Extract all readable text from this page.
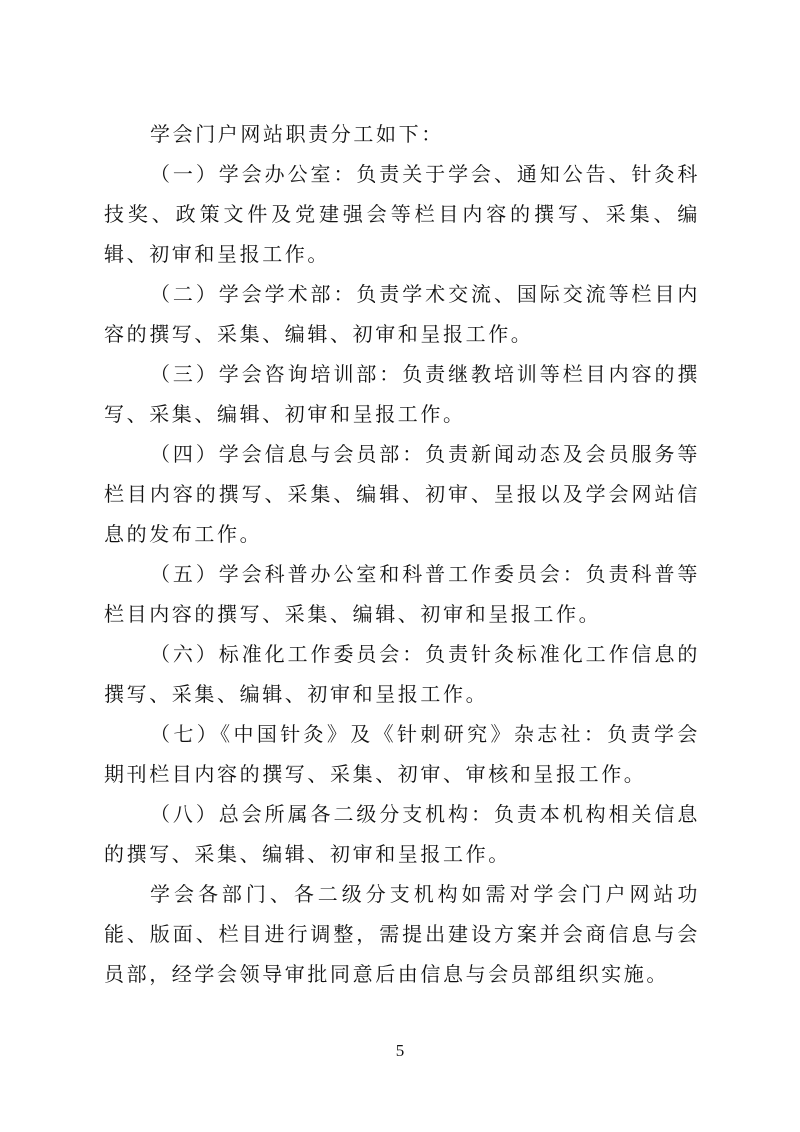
学会门户网站职责分工如下：

（一）学会办公室：负责关于学会、通知公告、针灸科技奖、政策文件及党建强会等栏目内容的撰写、采集、编辑、初审和呈报工作。

（二）学会学术部：负责学术交流、国际交流等栏目内容的撰写、采集、编辑、初审和呈报工作。

（三）学会咨询培训部：负责继教培训等栏目内容的撰写、采集、编辑、初审和呈报工作。

（四）学会信息与会员部：负责新闻动态及会员服务等栏目内容的撰写、采集、编辑、初审、呈报以及学会网站信息的发布工作。

（五）学会科普办公室和科普工作委员会：负责科普等栏目内容的撰写、采集、编辑、初审和呈报工作。

（六）标准化工作委员会：负责针灸标准化工作信息的撰写、采集、编辑、初审和呈报工作。

（七）《中国针灸》及《针刺研究》杂志社：负责学会期刊栏目内容的撰写、采集、初审、审核和呈报工作。

（八）总会所属各二级分支机构：负责本机构相关信息的撰写、采集、编辑、初审和呈报工作。

学会各部门、各二级分支机构如需对学会门户网站功能、版面、栏目进行调整，需提出建设方案并会商信息与会员部，经学会领导审批同意后由信息与会员部组织实施。

5
